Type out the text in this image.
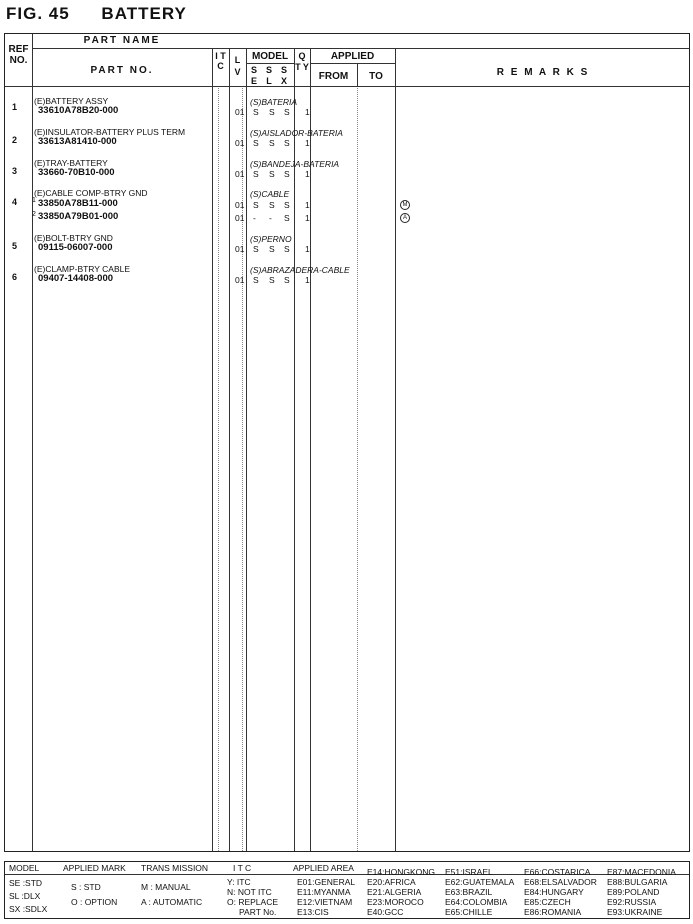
FIG. 45 BATTERY
REF NO.
PART NAME
PART NO.
I T C
L V
MODEL
S E
S L
S X
Q T Y
APPLIED
FROM	TO	R E M A R K S
1
(E)BATTERY ASSY	(S)BATERIA
33610A78B20-000	01 S S S 1
2
(E)INSULATOR-BATTERY PLUS TERM	(S)AISLADOR-BATERIA
33613A81410-000	01 S S S 1
3
(E)TRAY-BATTERY	(S)BANDEJA-BATERIA
33660-70B10-000	01 S S S 1
4 1
(E)CABLE COMP-BTRY GND	(S)CABLE
33850A78B11-000	01 S S S 1	M
2 33850A79B01-000	01 - - S 1	A
5
(E)BOLT-BTRY GND	(S)PERNO
09115-06007-000	01 S S S 1
6
(E)CLAMP-BTRY CABLE	(S)ABRAZADERA-CABLE
09407-14408-000	01 S S S 1
MODEL
SE :STD
SL :DLX
SX :SDLX
APPLIED MARK
S : STD
O : OPTION
TRANS MISSION
M : MANUAL
A : AUTOMATIC
I T C
Y: ITC
N: NOT ITC
O: REPLACE
PART No.
APPLIED AREA
E01:GENERAL
E11:MYANMA
E12:VIETNAM
E13:CIS
E14:HONGKONG
E20:AFRICA
E21:ALGERIA
E23:MOROCO
E40:GCC
E51:ISRAEL
E62:GUATEMALA
E63:BRAZIL
E64:COLOMBIA
E65:CHILLE
E66:COSTARICA
E68:ELSALVADOR
E84:HUNGARY
E85:CZECH
E86:ROMANIA
E87:MACEDONIA
E88:BULGARIA
E89:POLAND
E92:RUSSIA
E93:UKRAINE
